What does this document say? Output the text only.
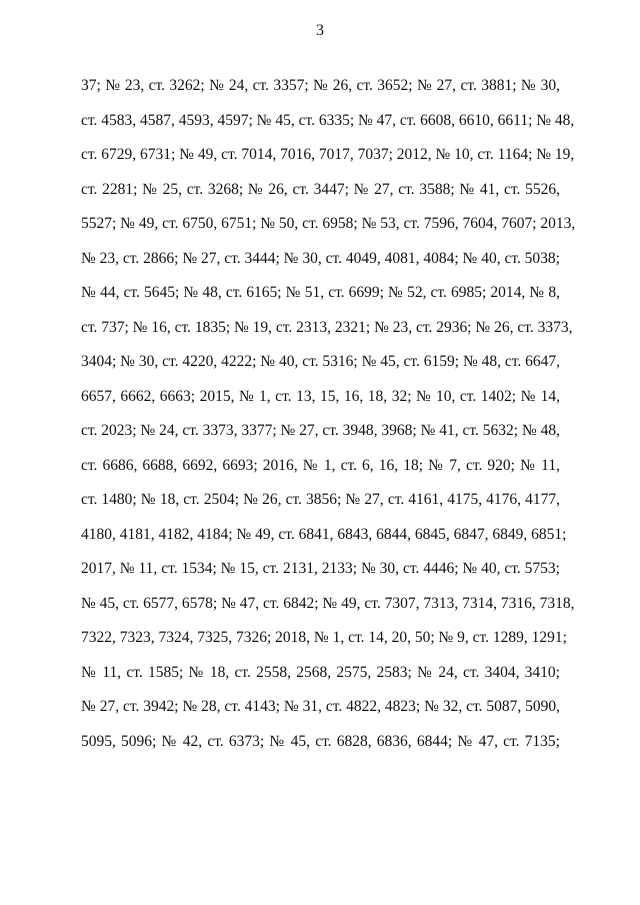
3
37; № 23, ст. 3262; № 24, ст. 3357; № 26, ст. 3652; № 27, ст. 3881; № 30,
ст. 4583, 4587, 4593, 4597; № 45, ст. 6335; № 47, ст. 6608, 6610, 6611; № 48,
ст. 6729, 6731; № 49, ст. 7014, 7016, 7017, 7037; 2012, № 10, ст. 1164; № 19,
ст. 2281; № 25, ст. 3268; № 26, ст. 3447; № 27, ст. 3588; № 41, ст. 5526,
5527; № 49, ст. 6750, 6751; № 50, ст. 6958; № 53, ст. 7596, 7604, 7607; 2013,
№ 23, ст. 2866; № 27, ст. 3444; № 30, ст. 4049, 4081, 4084; № 40, ст. 5038;
№ 44, ст. 5645; № 48, ст. 6165; № 51, ст. 6699; № 52, ст. 6985; 2014, № 8,
ст. 737; № 16, ст. 1835; № 19, ст. 2313, 2321; № 23, ст. 2936; № 26, ст. 3373,
3404; № 30, ст. 4220, 4222; № 40, ст. 5316; № 45, ст. 6159; № 48, ст. 6647,
6657, 6662, 6663; 2015, № 1, ст. 13, 15, 16, 18, 32; № 10, ст. 1402; № 14,
ст. 2023; № 24, ст. 3373, 3377; № 27, ст. 3948, 3968; № 41, ст. 5632; № 48,
ст. 6686, 6688, 6692, 6693; 2016, № 1, ст. 6, 16, 18; № 7, ст. 920; № 11,
ст. 1480; № 18, ст. 2504; № 26, ст. 3856; № 27, ст. 4161, 4175, 4176, 4177,
4180, 4181, 4182, 4184; № 49, ст. 6841, 6843, 6844, 6845, 6847, 6849, 6851;
2017, № 11, ст. 1534; № 15, ст. 2131, 2133; № 30, ст. 4446; № 40, ст. 5753;
№ 45, ст. 6577, 6578; № 47, ст. 6842; № 49, ст. 7307, 7313, 7314, 7316, 7318,
7322, 7323, 7324, 7325, 7326; 2018, № 1, ст. 14, 20, 50; № 9, ст. 1289, 1291;
№ 11, ст. 1585; № 18, ст. 2558, 2568, 2575, 2583; № 24, ст. 3404, 3410;
№ 27, ст. 3942; № 28, ст. 4143; № 31, ст. 4822, 4823; № 32, ст. 5087, 5090,
5095, 5096; № 42, ст. 6373; № 45, ст. 6828, 6836, 6844; № 47, ст. 7135;
